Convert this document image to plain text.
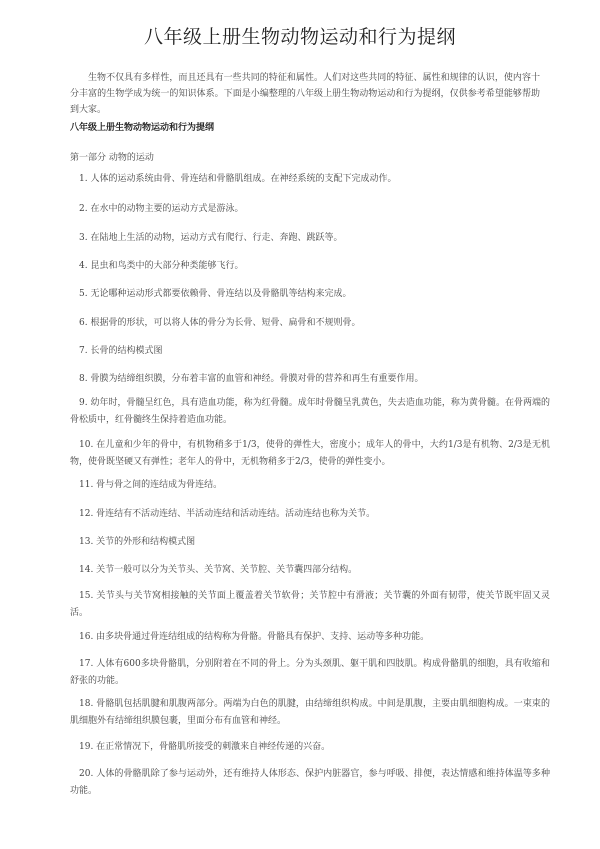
八年级上册生物动物运动和行为提纲
生物不仅具有多样性，而且还具有一些共同的特征和属性。人们对这些共同的特征、属性和规律的认识，使内容十分丰富的生物学成为统一的知识体系。下面是小编整理的八年级上册生物动物运动和行为提纲，仅供参考希望能够帮助到大家。
八年级上册生物动物运动和行为提纲
第一部分 动物的运动
1. 人体的运动系统由骨、骨连结和骨骼肌组成。在神经系统的支配下完成动作。
2. 在水中的动物主要的运动方式是游泳。
3. 在陆地上生活的动物，运动方式有爬行、行走、奔跑、跳跃等。
4. 昆虫和鸟类中的大部分种类能够飞行。
5. 无论哪种运动形式都要依赖骨、骨连结以及骨骼肌等结构来完成。
6. 根据骨的形状，可以将人体的骨分为长骨、短骨、扁骨和不规则骨。
7. 长骨的结构模式图
8. 骨膜为结缔组织膜，分布着丰富的血管和神经。骨膜对骨的营养和再生有重要作用。
9. 幼年时，骨髓呈红色，具有造血功能，称为红骨髓。成年时骨髓呈乳黄色，失去造血功能，称为黄骨髓。在骨两端的骨松质中，红骨髓终生保持着造血功能。
10. 在儿童和少年的骨中，有机物稍多于1/3，使骨的弹性大，密度小；成年人的骨中，大约1/3是有机物、2/3是无机物，使骨既坚硬又有弹性；老年人的骨中，无机物稍多于2/3，使骨的弹性变小。
11. 骨与骨之间的连结成为骨连结。
12. 骨连结有不活动连结、半活动连结和活动连结。活动连结也称为关节。
13. 关节的外形和结构模式图
14. 关节一般可以分为关节头、关节窝、关节腔、关节囊四部分结构。
15. 关节头与关节窝相接触的关节面上覆盖着关节软骨；关节腔中有滑液；关节囊的外面有韧带，使关节既牢固又灵活。
16. 由多块骨通过骨连结组成的结构称为骨骼。骨骼具有保护、支持、运动等多种功能。
17. 人体有600多块骨骼肌，分别附着在不同的骨上。分为头颈肌、躯干肌和四肢肌。构成骨骼肌的细胞，具有收缩和舒张的功能。
18. 骨骼肌包括肌腱和肌腹两部分。两端为白色的肌腱，由结缔组织构成。中间是肌腹，主要由肌细胞构成。一束束的肌细胞外有结缔组织膜包裹，里面分布有血管和神经。
19. 在正常情况下，骨骼肌所接受的刺激来自神经传递的兴奋。
20. 人体的骨骼肌除了参与运动外，还有维持人体形态、保护内脏器官，参与呼吸、排便，表达情感和维持体温等多种功能。
